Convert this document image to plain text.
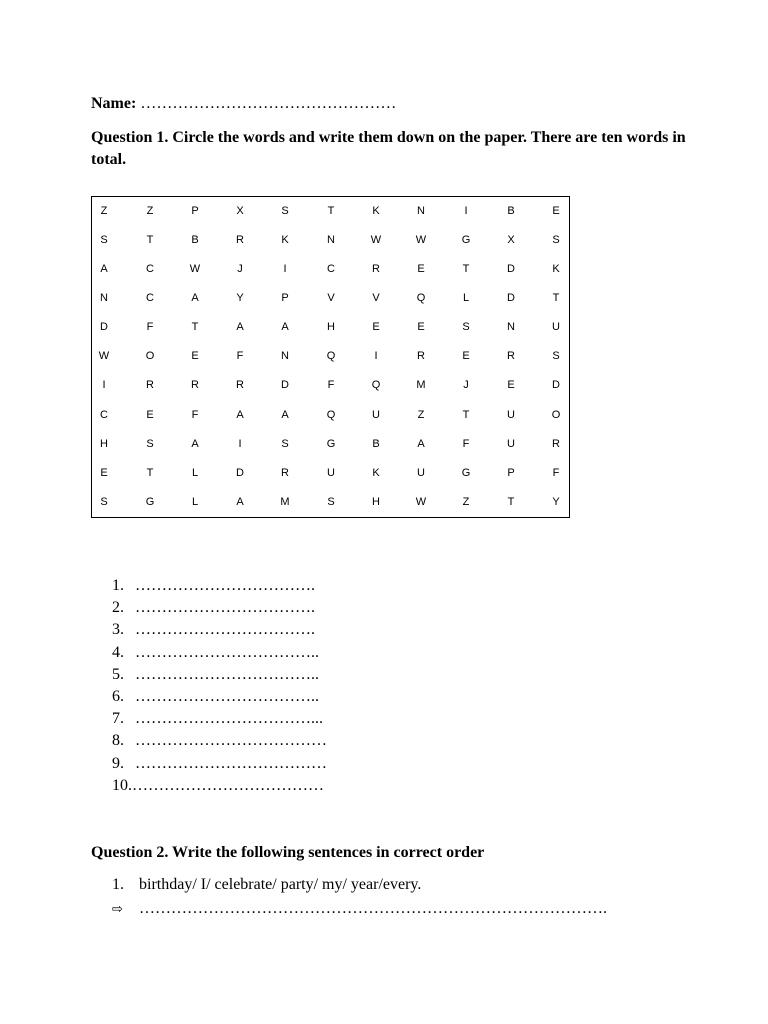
Name: …………………………………………
Question 1. Circle the words and write them down on the paper. There are ten words in total.
Z	Z	P	X	S	T	K	N	I	B	E
S	T	B	R	K	N	W	W	G	X	S
A	C	W	J	I	C	R	E	T	D	K
N	C	A	Y	P	V	V	Q	L	D	T
D	F	T	A	A	H	E	E	S	N	U
W	O	E	F	N	Q	I	R	E	R	S
I	R	R	R	D	F	Q	M	J	E	D
C	E	F	A	A	Q	U	Z	T	U	O
H	S	A	I	S	G	B	A	F	U	R
E	T	L	D	R	U	K	U	G	P	F
S	G	L	A	M	S	H	W	Z	T	Y
1. …………………………….
2. …………………………….
3. …………………………….
4. ……………………………..
5. ……………………………..
6. ……………………………..
7. ……………………………...
8. ………………………………
9. ………………………………
10. ………………………………
Question 2. Write the following sentences in correct order
1. birthday/ I/ celebrate/ party/ my/ year/every.
⇨ …………………………………………………………………………….
